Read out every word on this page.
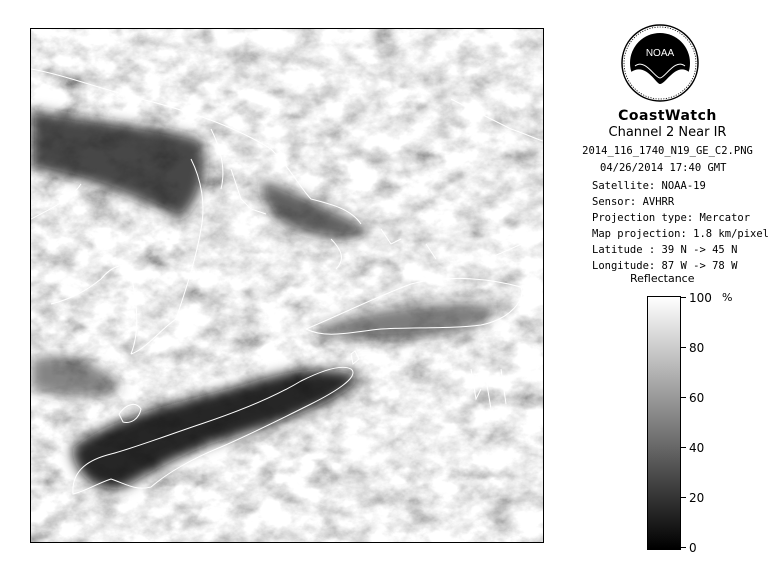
NOAA
CoastWatch
Channel 2 Near IR
2014_116_1740_N19_GE_C2.PNG
04/26/2014 17:40 GMT
Satellite: NOAA-19
Sensor: AVHRR
Projection type: Mercator
Map projection: 1.8 km/pixel
Latitude : 39 N -> 45 N
Longitude: 87 W -> 78 W
Reflectance
%
100
80
60
40
20
0
